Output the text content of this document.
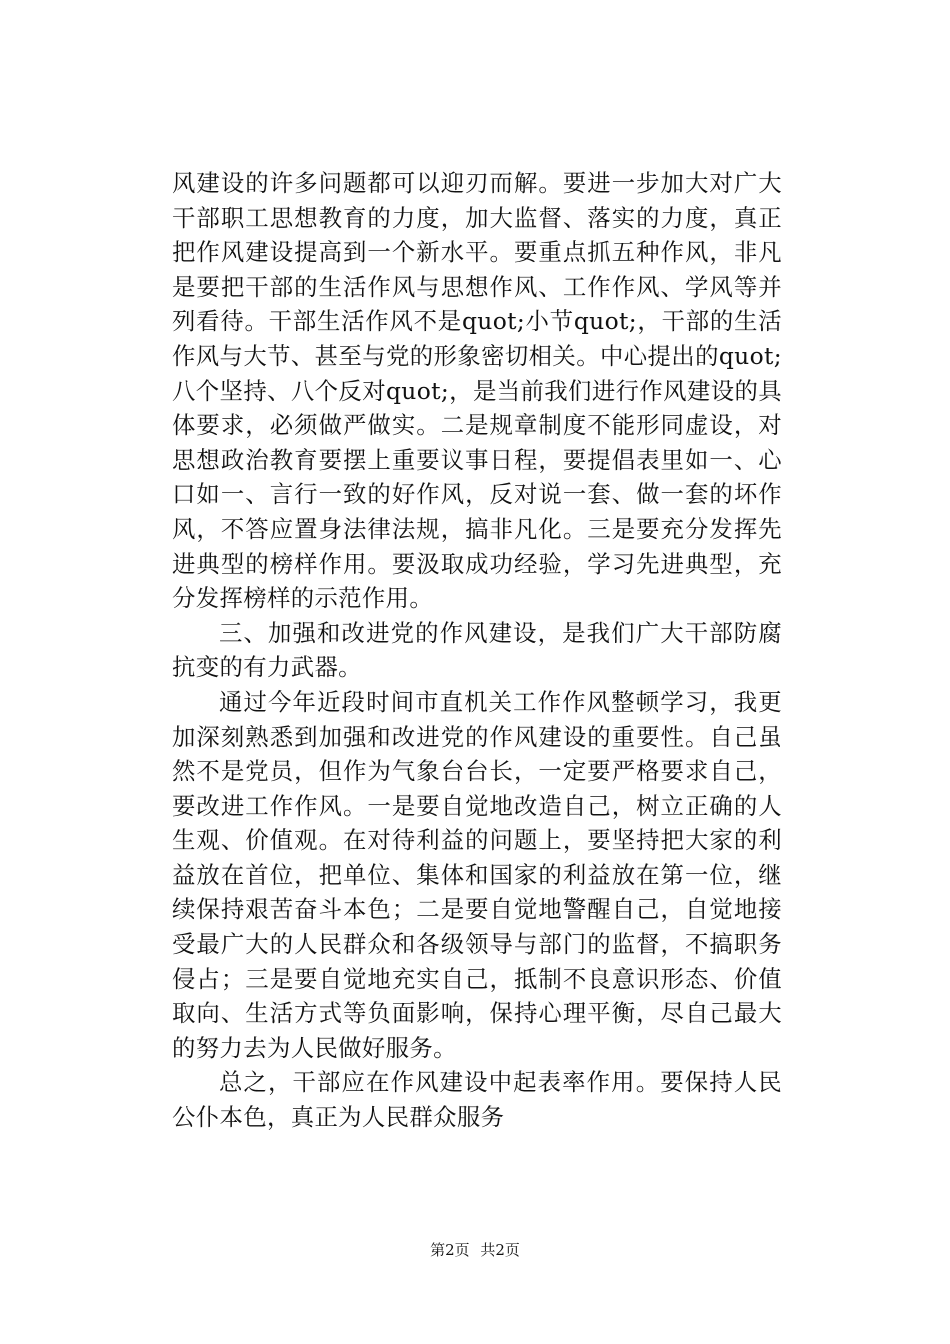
风建设的许多问题都可以迎刃而解。要进一步加大对广大干部职工思想教育的力度，加大监督、落实的力度，真正把作风建设提高到一个新水平。要重点抓五种作风，非凡是要把干部的生活作风与思想作风、工作作风、学风等并列看待。干部生活作风不是quot;小节quot;，干部的生活作风与大节、甚至与党的形象密切相关。中心提出的quot;八个坚持、八个反对quot;，是当前我们进行作风建设的具体要求，必须做严做实。二是规章制度不能形同虚设，对思想政治教育要摆上重要议事日程，要提倡表里如一、心口如一、言行一致的好作风，反对说一套、做一套的坏作风，不答应置身法律法规，搞非凡化。三是要充分发挥先进典型的榜样作用。要汲取成功经验，学习先进典型，充分发挥榜样的示范作用。

三、加强和改进党的作风建设，是我们广大干部防腐抗变的有力武器。

通过今年近段时间市直机关工作作风整顿学习，我更加深刻熟悉到加强和改进党的作风建设的重要性。自己虽然不是党员，但作为气象台台长，一定要严格要求自己，要改进工作作风。一是要自觉地改造自己，树立正确的人生观、价值观。在对待利益的问题上，要坚持把大家的利益放在首位，把单位、集体和国家的利益放在第一位，继续保持艰苦奋斗本色；二是要自觉地警醒自己，自觉地接受最广大的人民群众和各级领导与部门的监督，不搞职务侵占；三是要自觉地充实自己，抵制不良意识形态、价值取向、生活方式等负面影响，保持心理平衡，尽自己最大的努力去为人民做好服务。

总之，干部应在作风建设中起表率作用。要保持人民公仆本色，真正为人民群众服务

第2页 共2页
